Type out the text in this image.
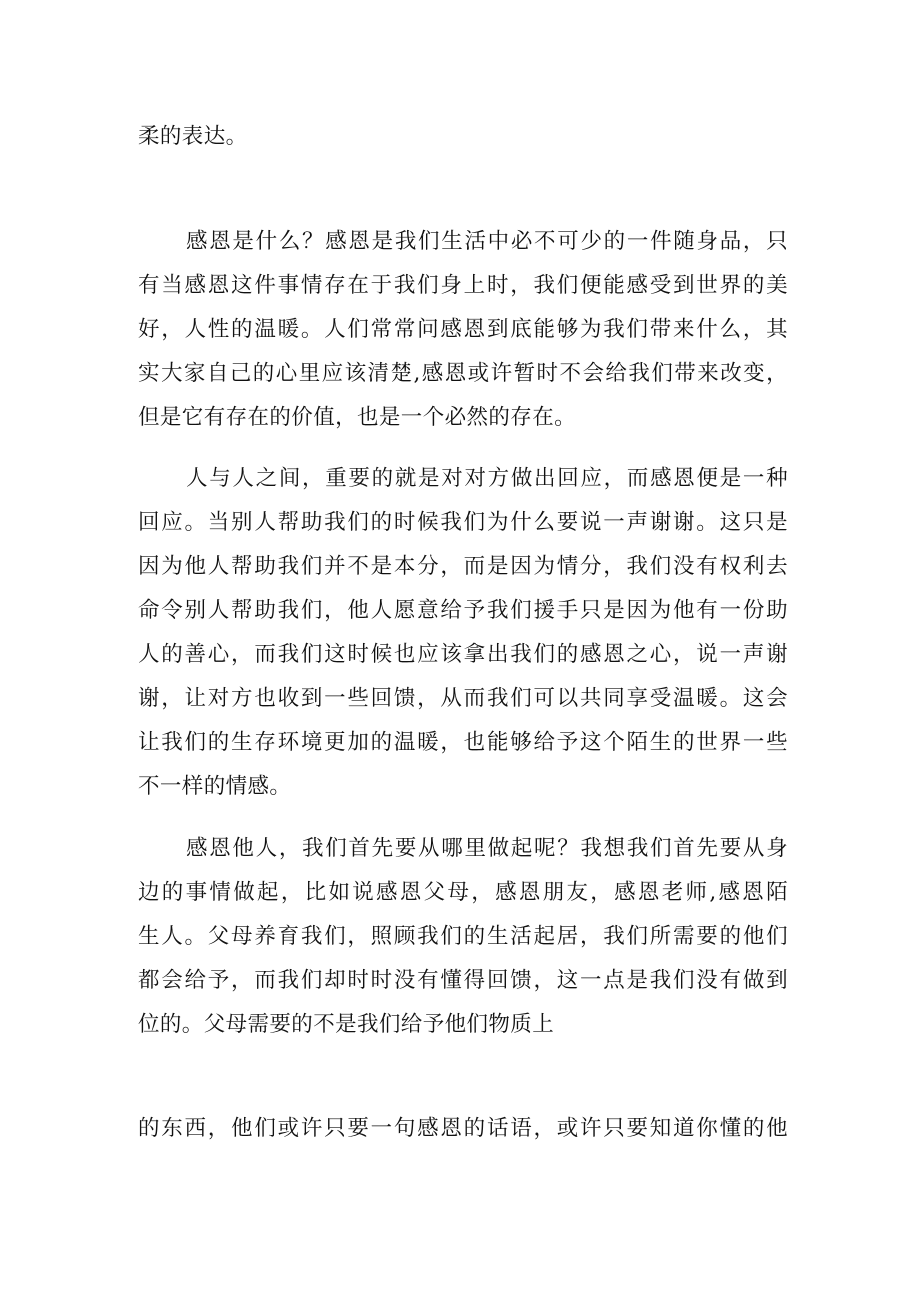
柔的表达。
感恩是什么？感恩是我们生活中必不可少的一件随身品，只
有当感恩这件事情存在于我们身上时，我们便能感受到世界的美
好，人性的温暖。人们常常问感恩到底能够为我们带来什么，其
实大家自己的心里应该清楚,感恩或许暂时不会给我们带来改变，
但是它有存在的价值，也是一个必然的存在。
人与人之间，重要的就是对对方做出回应，而感恩便是一种
回应。当别人帮助我们的时候我们为什么要说一声谢谢。这只是
因为他人帮助我们并不是本分，而是因为情分，我们没有权利去
命令别人帮助我们，他人愿意给予我们援手只是因为他有一份助
人的善心，而我们这时候也应该拿出我们的感恩之心，说一声谢
谢，让对方也收到一些回馈，从而我们可以共同享受温暖。这会
让我们的生存环境更加的温暖，也能够给予这个陌生的世界一些
不一样的情感。
感恩他人，我们首先要从哪里做起呢？我想我们首先要从身
边的事情做起，比如说感恩父母，感恩朋友，感恩老师,感恩陌
生人。父母养育我们，照顾我们的生活起居，我们所需要的他们
都会给予，而我们却时时没有懂得回馈，这一点是我们没有做到
位的。父母需要的不是我们给予他们物质上
的东西，他们或许只要一句感恩的话语，或许只要知道你懂的他
